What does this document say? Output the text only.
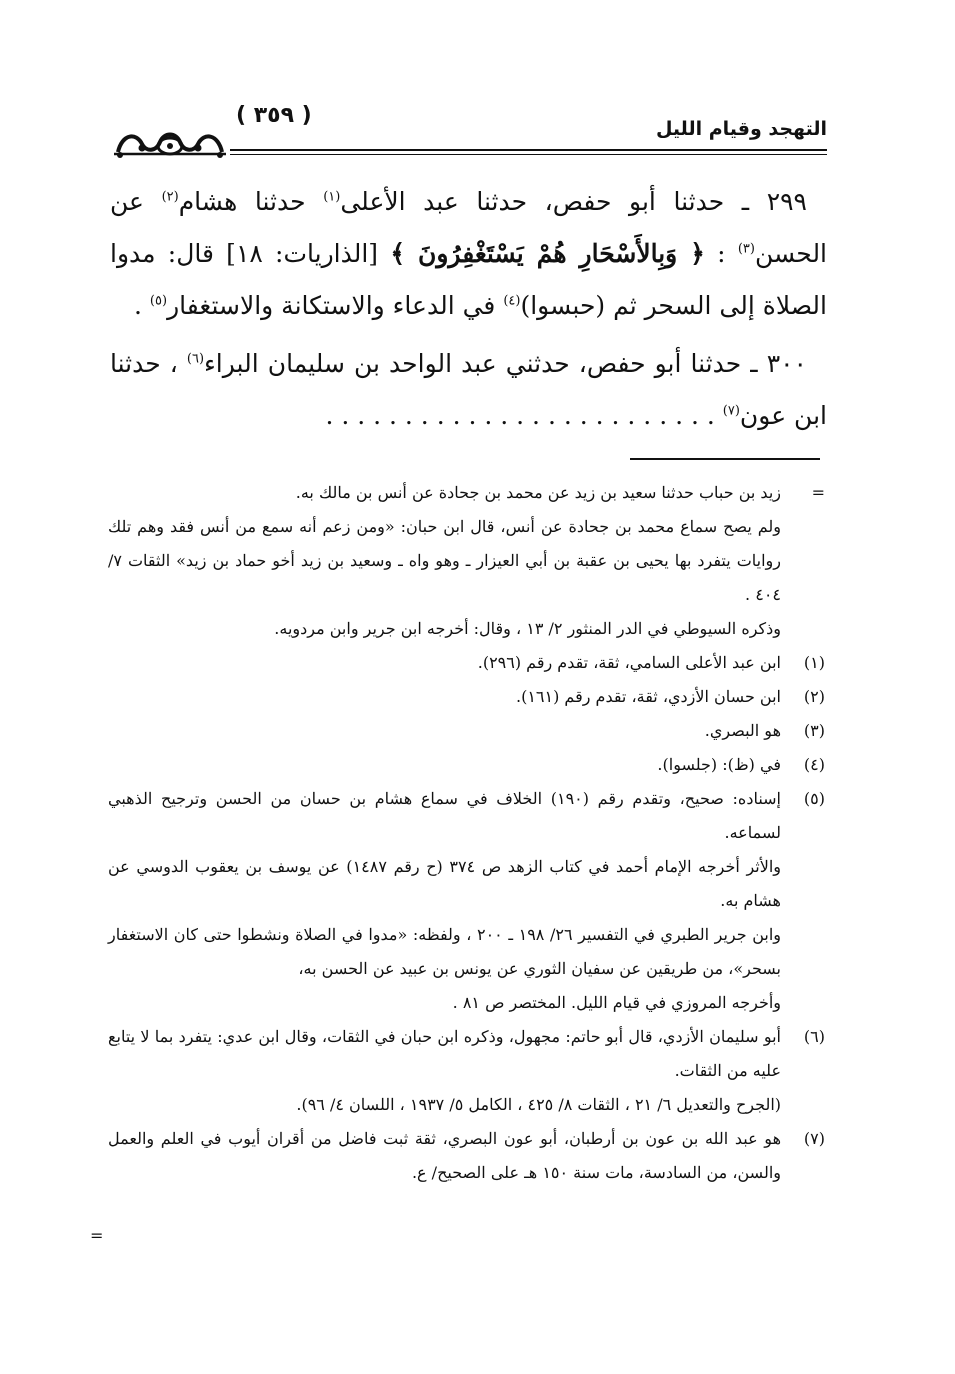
التهجد وقيام الليل
( ٣٥٩ )

٢٩٩ ـ حدثنا أبو حفص، حدثنا عبد الأعلى$^{(١)}$ حدثنا هشام$^{(٢)}$ عن الحسن$^{(٣)}$ : ﴿ وَبِالأَسْحَارِ هُمْ يَسْتَغْفِرُونَ ﴾ [الذاريات: ١٨] قال: مدوا الصلاة إلى السحر ثم (حبسوا)$^{(٤)}$ في الدعاء والاستكانة والاستغفار$^{(٥)}$ .

٣٠٠ ـ حدثنا أبو حفص، حدثني عبد الواحد بن سليمان البراء$^{(٦)}$ ، حدثنا ابن عون$^{(٧)}$ . . . . . . . . . . . . . . . . . . . . . . . . .

=

زيد بن حباب حدثنا سعيد بن زيد عن محمد بن جحادة عن أنس بن مالك به.

ولم يصح سماع محمد بن جحادة عن أنس، قال ابن حبان: «ومن زعم أنه سمع من أنس فقد وهم تلك روايات يتفرد بها يحيى بن عقبة بن أبي العيزار ـ وهو واه ـ وسعيد بن زيد أخو حماد بن زيد» الثقات ٧/ ٤٠٤ .

وذكره السيوطي في الدر المنثور ٢/ ١٣ ، وقال: أخرجه ابن جرير وابن مردويه.

(١)

ابن عبد الأعلى السامي، ثقة، تقدم رقم (٢٩٦).

(٢)

ابن حسان الأزدي، ثقة، تقدم رقم (١٦١).

(٣)

هو البصري.

(٤)

في (ظ): (جلسوا).

(٥)

إسناده: صحيح، وتقدم رقم (١٩٠) الخلاف في سماع هشام بن حسان من الحسن وترجيح الذهبي لسماعه.

والأثر أخرجه الإمام أحمد في كتاب الزهد ص ٣٧٤ (ح رقم ١٤٨٧) عن يوسف بن يعقوب الدوسي عن هشام به.

وابن جرير الطبري في التفسير ٢٦/ ١٩٨ ـ ٢٠٠ ، ولفظه: «مدوا في الصلاة ونشطوا حتى كان الاستغفار بسحر»، من طريقين عن سفيان الثوري عن يونس بن عبيد عن الحسن به،

وأخرجه المروزي في قيام الليل. المختصر ص ٨١ .

(٦)

أبو سليمان الأزدي، قال أبو حاتم: مجهول، وذكره ابن حبان في الثقات، وقال ابن عدي: يتفرد بما لا يتابع عليه من الثقات.

(الجرح والتعديل ٦/ ٢١ ، الثقات ٨/ ٤٢٥ ، الكامل ٥/ ١٩٣٧ ، اللسان ٤/ ٩٦).

(٧)

هو عبد الله بن عون بن أرطبان، أبو عون البصري، ثقة ثبت فاضل من أقران أيوب في العلم والعمل والسن، من السادسة، مات سنة ١٥٠ هـ على الصحيح/ ع.

=
